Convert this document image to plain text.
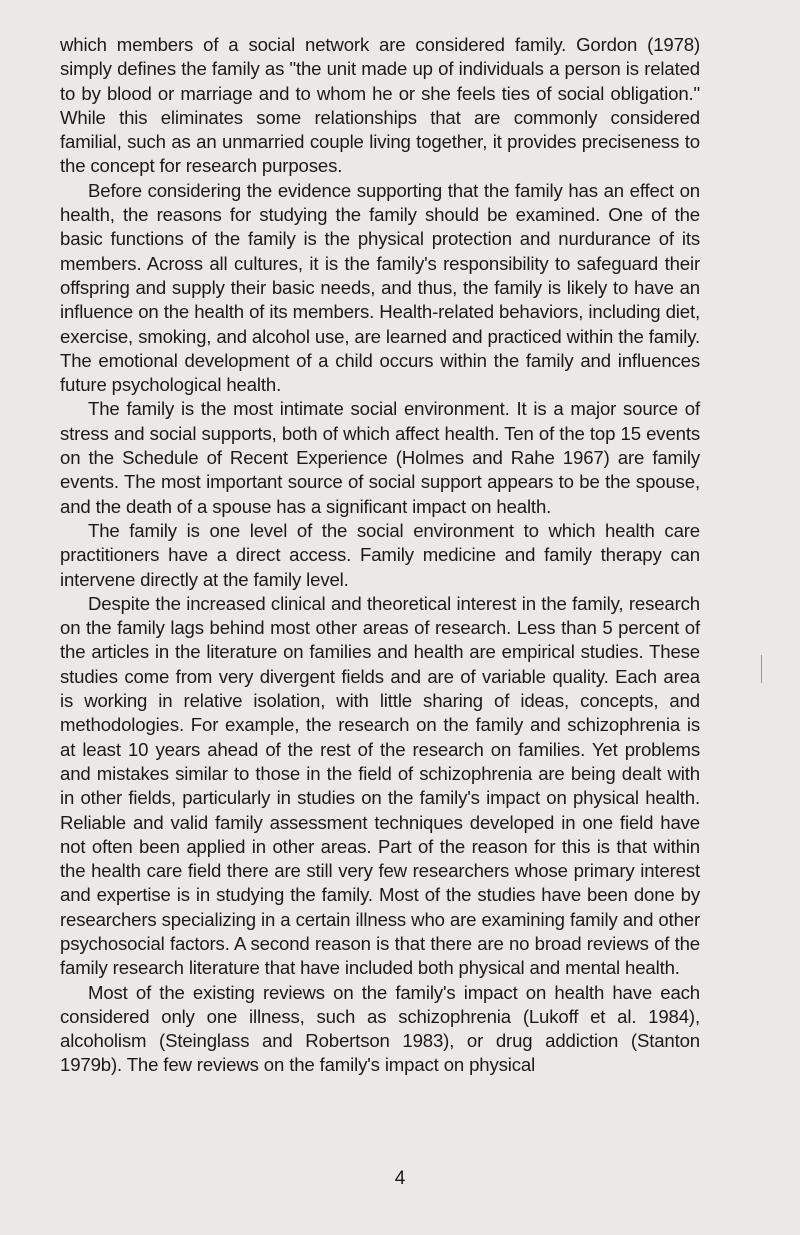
which members of a social network are considered family. Gordon (1978) simply defines the family as "the unit made up of individuals a person is related to by blood or marriage and to whom he or she feels ties of social obligation." While this eliminates some relationships that are commonly considered familial, such as an unmarried couple living together, it provides preciseness to the concept for research purposes.

Before considering the evidence supporting that the family has an effect on health, the reasons for studying the family should be examined. One of the basic functions of the family is the physical protection and nurdurance of its members. Across all cultures, it is the family's responsibility to safeguard their offspring and supply their basic needs, and thus, the family is likely to have an influence on the health of its members. Health-related behaviors, including diet, exercise, smoking, and alcohol use, are learned and practiced within the family. The emotional development of a child occurs within the family and influences future psychological health.

The family is the most intimate social environment. It is a major source of stress and social supports, both of which affect health. Ten of the top 15 events on the Schedule of Recent Experience (Holmes and Rahe 1967) are family events. The most important source of social support appears to be the spouse, and the death of a spouse has a significant impact on health.

The family is one level of the social environment to which health care practitioners have a direct access. Family medicine and family therapy can intervene directly at the family level.

Despite the increased clinical and theoretical interest in the family, research on the family lags behind most other areas of research. Less than 5 percent of the articles in the literature on families and health are empirical studies. These studies come from very divergent fields and are of variable quality. Each area is working in relative isolation, with little sharing of ideas, concepts, and methodologies. For example, the research on the family and schizophrenia is at least 10 years ahead of the rest of the research on families. Yet problems and mistakes similar to those in the field of schizophrenia are being dealt with in other fields, particularly in studies on the family's impact on physical health. Reliable and valid family assessment techniques developed in one field have not often been applied in other areas. Part of the reason for this is that within the health care field there are still very few researchers whose primary interest and expertise is in studying the family. Most of the studies have been done by researchers specializing in a certain illness who are examining family and other psychosocial factors. A second reason is that there are no broad reviews of the family research literature that have included both physical and mental health.

Most of the existing reviews on the family's impact on health have each considered only one illness, such as schizophrenia (Lukoff et al. 1984), alcoholism (Steinglass and Robertson 1983), or drug addiction (Stanton 1979b). The few reviews on the family's impact on physical

4
